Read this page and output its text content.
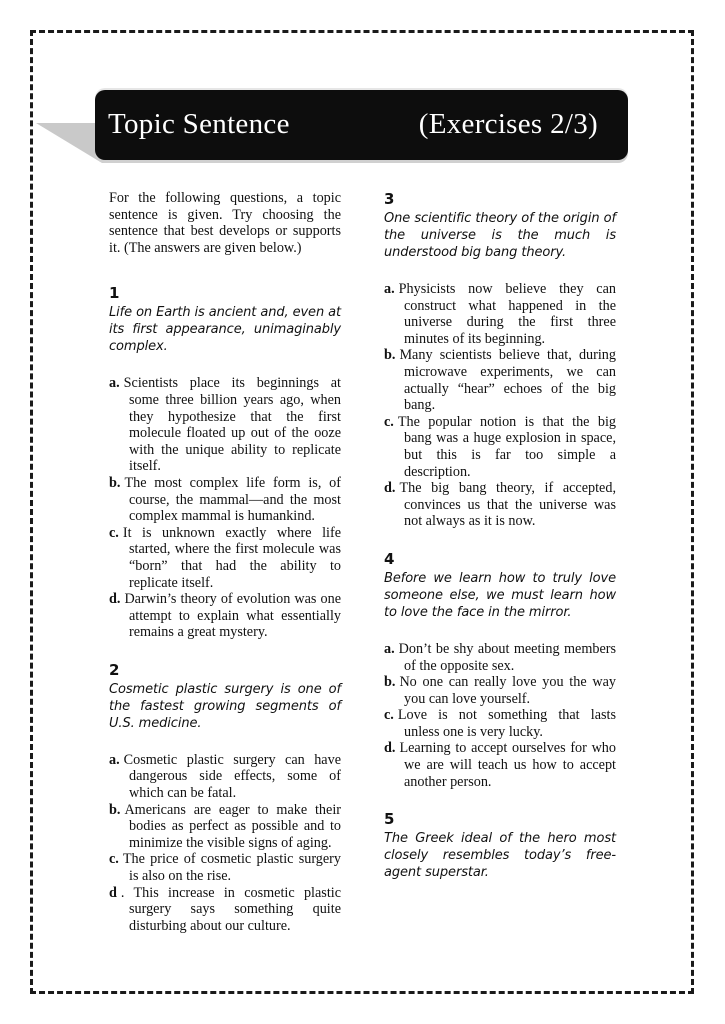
Topic Sentence	(Exercises 2/3)

For the following questions, a topic sentence is given. Try choosing the sentence that best develops or supports it. (The answers are given below.)

1
Life on Earth is ancient and, even at its first appearance, unimaginably complex.
a. Scientists place its beginnings at some three billion years ago, when they hypothesize that the first molecule floated up out of the ooze with the unique ability to replicate itself.
b. The most complex life form is, of course, the mammal—and the most complex mammal is humankind.
c. It is unknown exactly where life started, where the first molecule was “born” that had the ability to replicate itself.
d. Darwin’s theory of evolution was one attempt to explain what essentially remains a great mystery.
2
Cosmetic plastic surgery is one of the fastest growing segments of U.S. medicine.
a. Cosmetic plastic surgery can have dangerous side effects, some of which can be fatal.
b. Americans are eager to make their bodies as perfect as possible and to minimize the visible signs of aging.
c. The price of cosmetic plastic surgery is also on the rise.
d . This increase in cosmetic plastic surgery says something quite disturbing about our culture.
3
One scientific theory of the origin of the universe is the much is understood big bang theory.
a. Physicists now believe they can construct what happened in the universe during the first three minutes of its beginning.
b. Many scientists believe that, during microwave experiments, we can actually “hear” echoes of the big bang.
c. The popular notion is that the big bang was a huge explosion in space, but this is far too simple a description.
d. The big bang theory, if accepted, convinces us that the universe was not always as it is now.
4
Before we learn how to truly love someone else, we must learn how to love the face in the mirror.
a. Don’t be shy about meeting members of the opposite sex.
b. No one can really love you the way you can love yourself.
c. Love is not something that lasts unless one is very lucky.
d. Learning to accept ourselves for who we are will teach us how to accept another person.
5
The Greek ideal of the hero most closely resembles today’s free-agent superstar.
